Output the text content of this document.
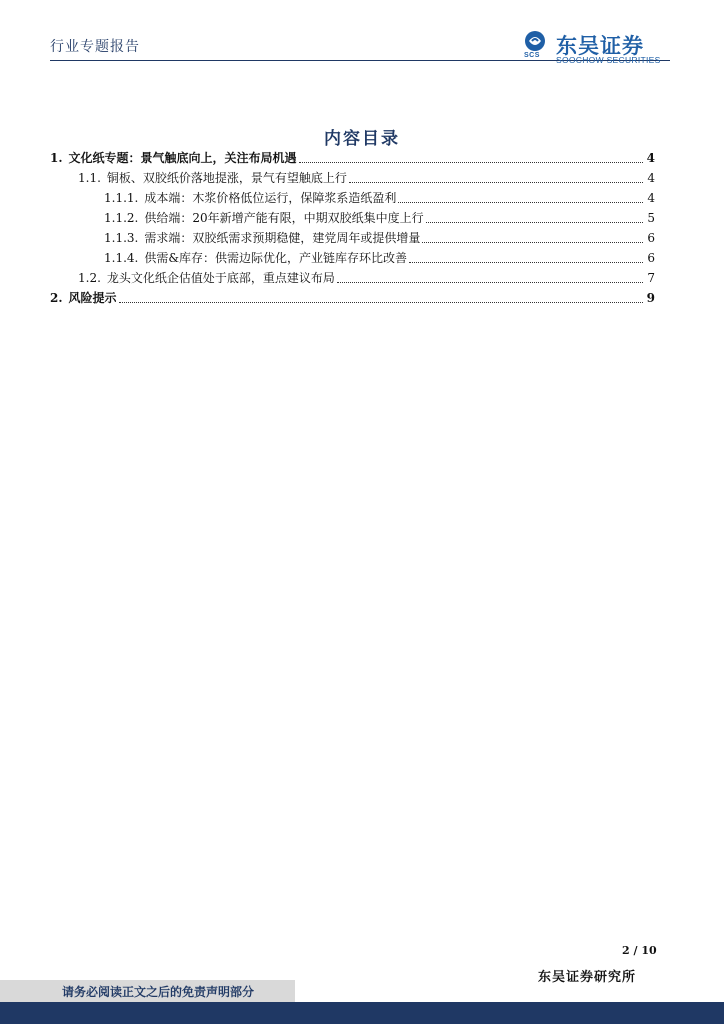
行业专题报告
SCS 东吴证券
SOOCHOW SECURITIES
内容目录
1. 文化纸专题：景气触底向上，关注布局机遇	4
1.1. 铜板、双胶纸价落地提涨，景气有望触底上行	4
1.1.1. 成本端：木浆价格低位运行，保障浆系造纸盈利	4
1.1.2. 供给端：20年新增产能有限，中期双胶纸集中度上行	5
1.1.3. 需求端：双胶纸需求预期稳健，建党周年或提供增量	6
1.1.4. 供需&库存：供需边际优化，产业链库存环比改善	6
1.2. 龙头文化纸企估值处于底部，重点建议布局	7
2. 风险提示	9
2 / 10
东吴证券研究所
请务必阅读正文之后的免责声明部分
